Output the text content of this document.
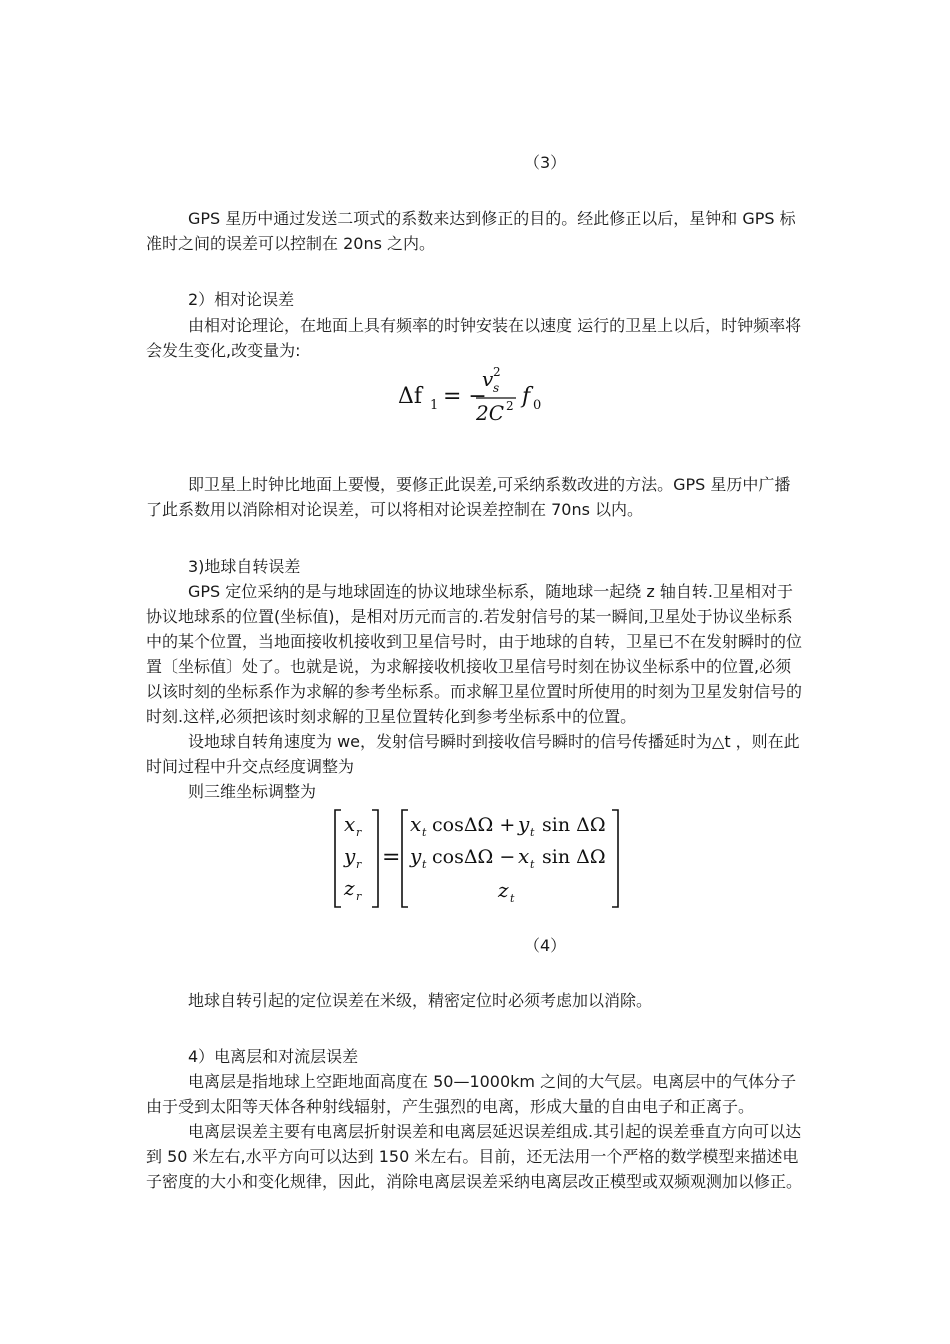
（3）

GPS 星历中通过发送二项式的系数来达到修正的目的。经此修正以后，星钟和 GPS 标准时之间的误差可以控制在 20ns 之内。

2）相对论误差

由相对论理论，在地面上具有频率的时钟安装在以速度 运行的卫星上以后，时钟频率将会发生变化,改变量为:

Δf 1 = −
v s
2
2C 2 f 0

即卫星上时钟比地面上要慢，要修正此误差,可采纳系数改进的方法。GPS 星历中广播了此系数用以消除相对论误差，可以将相对论误差控制在 70ns 以内。

3)地球自转误差

GPS 定位采纳的是与地球固连的协议地球坐标系，随地球一起绕 z 轴自转.卫星相对于协议地球系的位置(坐标值)，是相对历元而言的.若发射信号的某一瞬间,卫星处于协议坐标系中的某个位置，当地面接收机接收到卫星信号时，由于地球的自转，卫星已不在发射瞬时的位置〔坐标值〕处了。也就是说，为求解接收机接收卫星信号时刻在协议坐标系中的位置,必须以该时刻的坐标系作为求解的参考坐标系。而求解卫星位置时所使用的时刻为卫星发射信号的时刻.这样,必须把该时刻求解的卫星位置转化到参考坐标系中的位置。

设地球自转角速度为 we，发射信号瞬时到接收信号瞬时的信号传播延时为△t ，则在此时间过程中升交点经度调整为

则三维坐标调整为

x r
y r
z r
=
x t cosΔΩ + y t sin ΔΩ
y t cosΔΩ − x t sin ΔΩ
z t
（4）

地球自转引起的定位误差在米级，精密定位时必须考虑加以消除。

4）电离层和对流层误差

电离层是指地球上空距地面高度在 50—1000km 之间的大气层。电离层中的气体分子由于受到太阳等天体各种射线辐射，产生强烈的电离，形成大量的自由电子和正离子。

电离层误差主要有电离层折射误差和电离层延迟误差组成.其引起的误差垂直方向可以达到 50 米左右,水平方向可以达到 150 米左右。目前，还无法用一个严格的数学模型来描述电子密度的大小和变化规律，因此，消除电离层误差采纳电离层改正模型或双频观测加以修正。
